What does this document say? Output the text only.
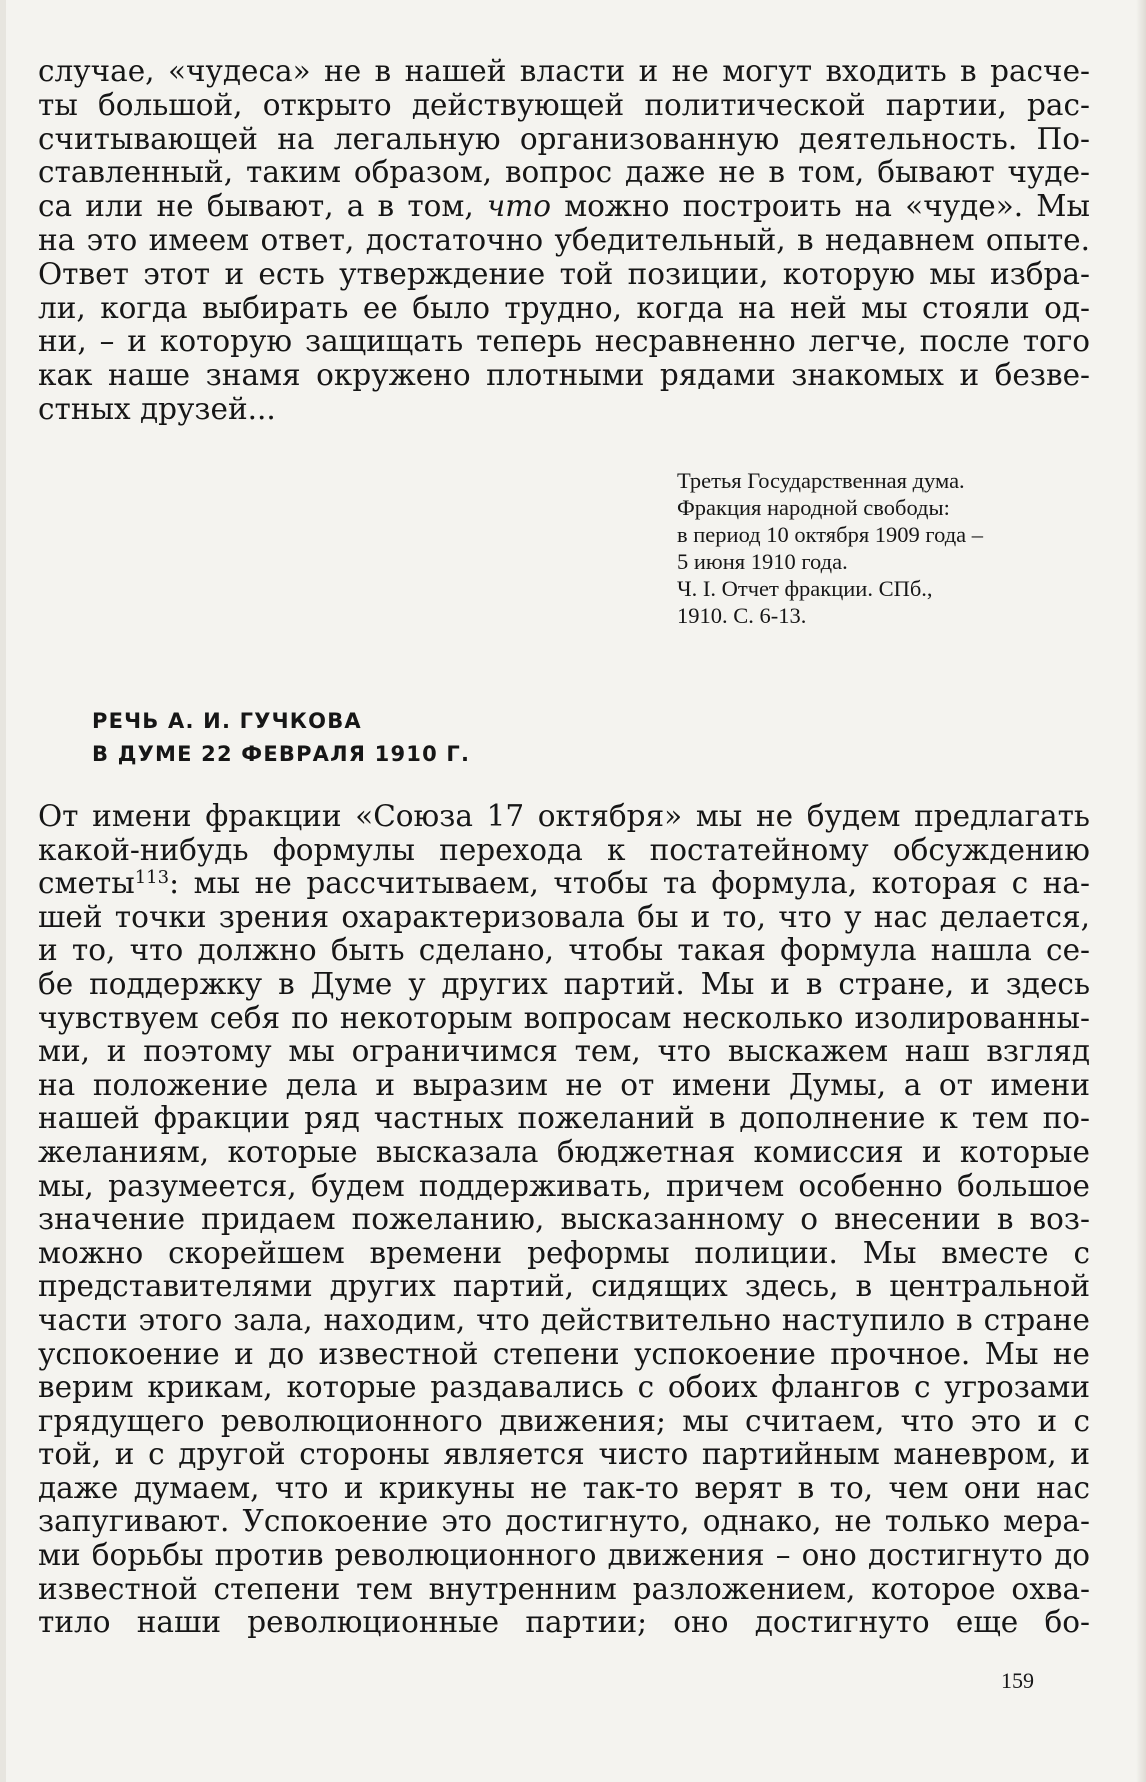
случае, «чудеса» не в нашей власти и не могут входить в расче-
ты большой, открыто действующей политической партии, рас-
считывающей на легальную организованную деятельность. По-
ставленный, таким образом, вопрос даже не в том, бывают чуде-
са или не бывают, а в том, что можно построить на «чуде». Мы
на это имеем ответ, достаточно убедительный, в недавнем опыте.
Ответ этот и есть утверждение той позиции, которую мы избра-
ли, когда выбирать ее было трудно, когда на ней мы стояли од-
ни, – и которую защищать теперь несравненно легче, после того
как наше знамя окружено плотными рядами знакомых и безве-
стных друзей...
Третья Государственная дума.
Фракция народной свободы:
в период 10 октября 1909 года –
5 июня 1910 года.
Ч. I. Отчет фракции. СПб.,
1910. С. 6-13.
РЕЧЬ А. И. ГУЧКОВА
В ДУМЕ 22 ФЕВРАЛЯ 1910 Г.
От имени фракции «Союза 17 октября» мы не будем предлагать
какой-нибудь формулы перехода к постатейному обсуждению
сметы$^{113}$: мы не рассчитываем, чтобы та формула, которая с на-
шей точки зрения охарактеризовала бы и то, что у нас делается,
и то, что должно быть сделано, чтобы такая формула нашла се-
бе поддержку в Думе у других партий. Мы и в стране, и здесь
чувствуем себя по некоторым вопросам несколько изолированны-
ми, и поэтому мы ограничимся тем, что выскажем наш взгляд
на положение дела и выразим не от имени Думы, а от имени
нашей фракции ряд частных пожеланий в дополнение к тем по-
желаниям, которые высказала бюджетная комиссия и которые
мы, разумеется, будем поддерживать, причем особенно большое
значение придаем пожеланию, высказанному о внесении в воз-
можно скорейшем времени реформы полиции. Мы вместе с
представителями других партий, сидящих здесь, в центральной
части этого зала, находим, что действительно наступило в стране
успокоение и до известной степени успокоение прочное. Мы не
верим крикам, которые раздавались с обоих флангов с угрозами
грядущего революционного движения; мы считаем, что это и с
той, и с другой стороны является чисто партийным маневром, и
даже думаем, что и крикуны не так-то верят в то, чем они нас
запугивают. Успокоение это достигнуто, однако, не только мера-
ми борьбы против революционного движения – оно достигнуто до
известной степени тем внутренним разложением, которое охва-
тило наши революционные партии; оно достигнуто еще бо-
159
